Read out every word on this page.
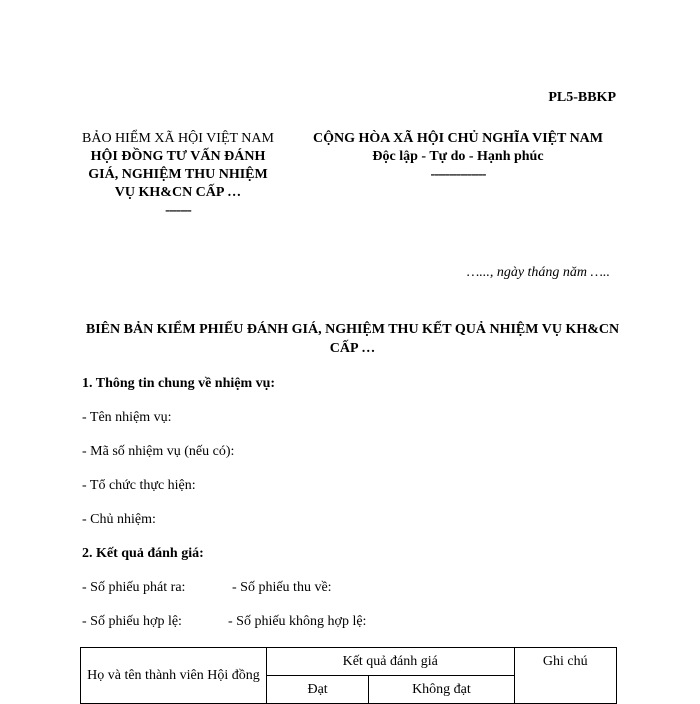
PL5-BBKP
BẢO HIỂM XÃ HỘI VIỆT NAM
HỘI ĐỒNG TƯ VẤN ĐÁNH GIÁ, NGHIỆM THU NHIỆM VỤ KH&CN CẤP …
-------
CỘNG HÒA XÃ HỘI CHỦ NGHĨA VIỆT NAM
Độc lập - Tự do - Hạnh phúc
---------------
…..., ngày tháng năm …..
BIÊN BẢN KIỂM PHIẾU ĐÁNH GIÁ, NGHIỆM THU KẾT QUẢ NHIỆM VỤ KH&CN CẤP …
1. Thông tin chung về nhiệm vụ:
- Tên nhiệm vụ:
- Mã số nhiệm vụ (nếu có):
- Tổ chức thực hiện:
- Chủ nhiệm:
2. Kết quả đánh giá:
- Số phiếu phát ra:	- Số phiếu thu về:
- Số phiếu hợp lệ:	- Số phiếu không hợp lệ:
Họ và tên thành viên Hội đồng	Kết quả đánh giá		Ghi chú
	Đạt	Không đạt	
